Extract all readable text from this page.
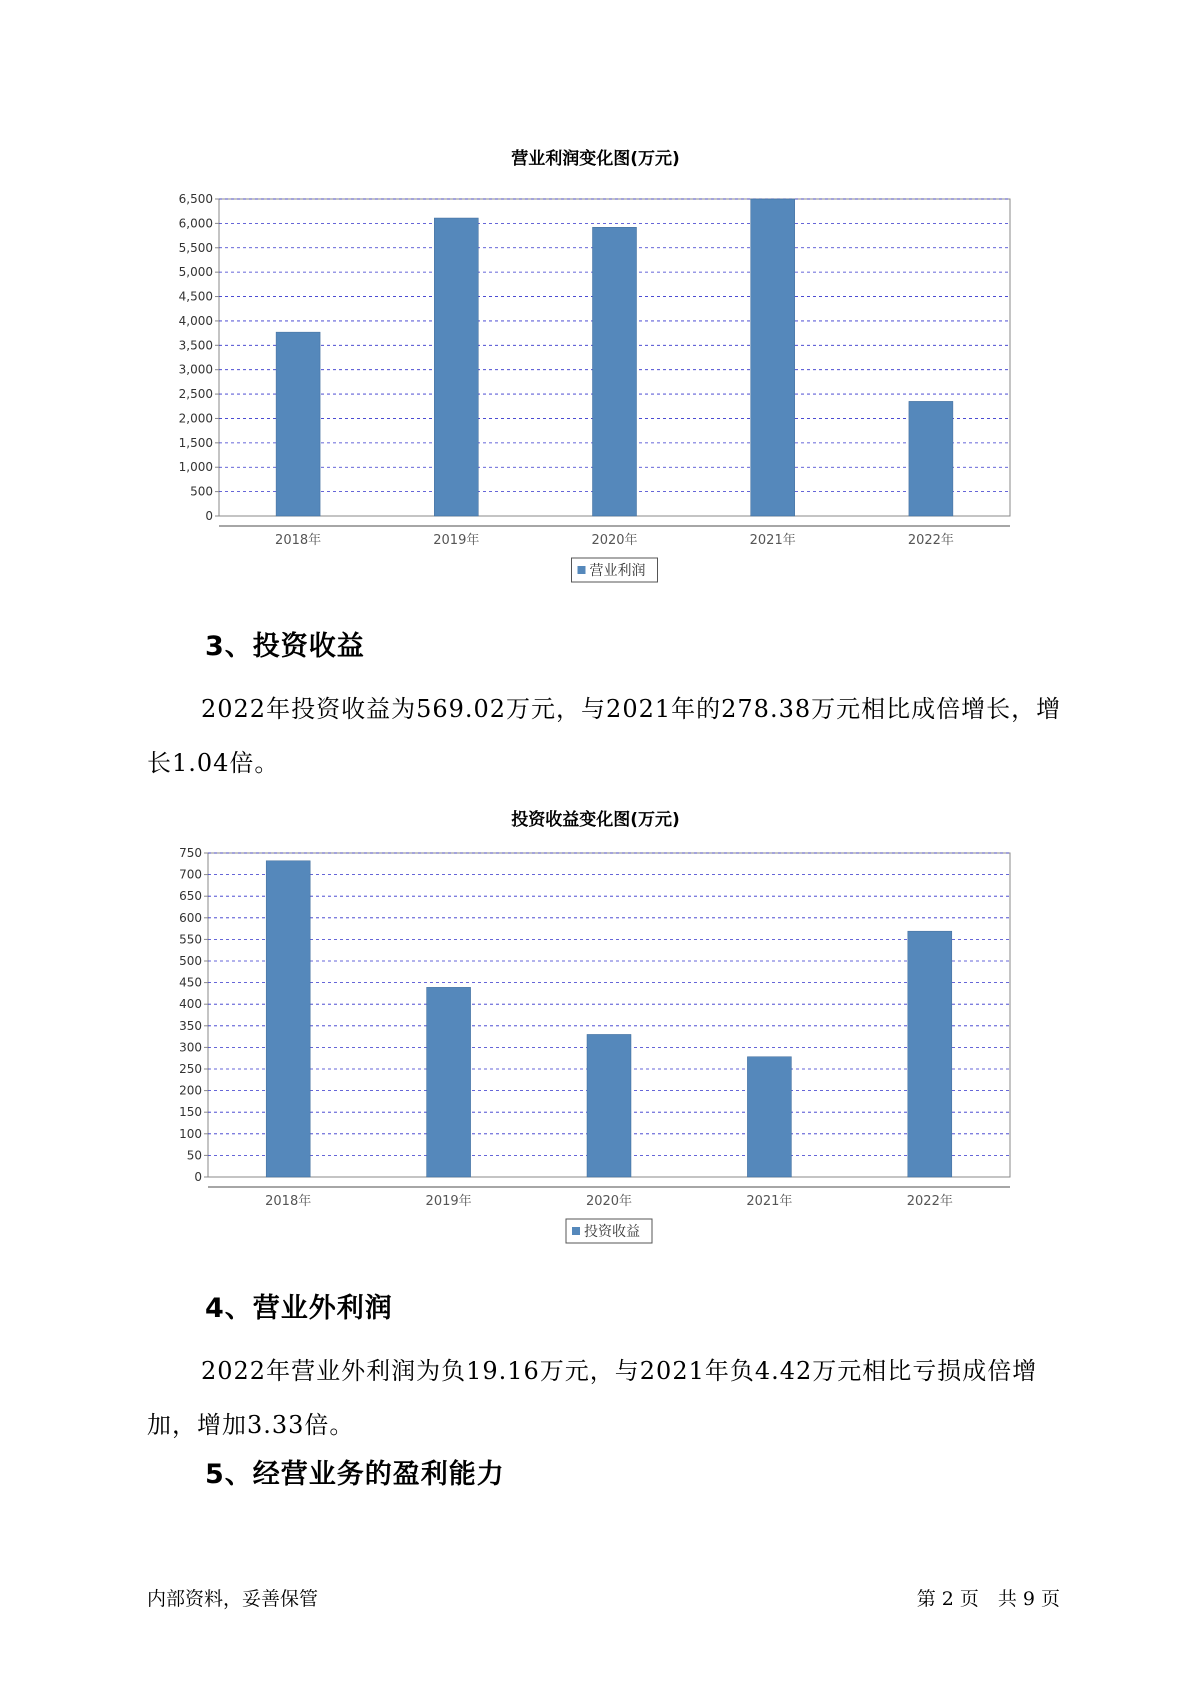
营业利润变化图(万元)
0
500
1,000
1,500
2,000
2,500
3,000
3,500
4,000
4,500
5,000
5,500
6,000
6,500
2018年	2019年	2020年	2021年	2022年
营业利润
3、投资收益

2022年投资收益为569.02万元，与2021年的278.38万元相比成倍增长，增长1.04倍。

投资收益变化图(万元)
0
50
100
150
200
250
300
350
400
450
500
550
600
650
700
750
2018年	2019年	2020年	2021年	2022年
投资收益
4、营业外利润

2022年营业外利润为负19.16万元，与2021年负4.42万元相比亏损成倍增加，增加3.33倍。

5、经营业务的盈利能力
内部资料，妥善保管	第 2 页　共 9 页
